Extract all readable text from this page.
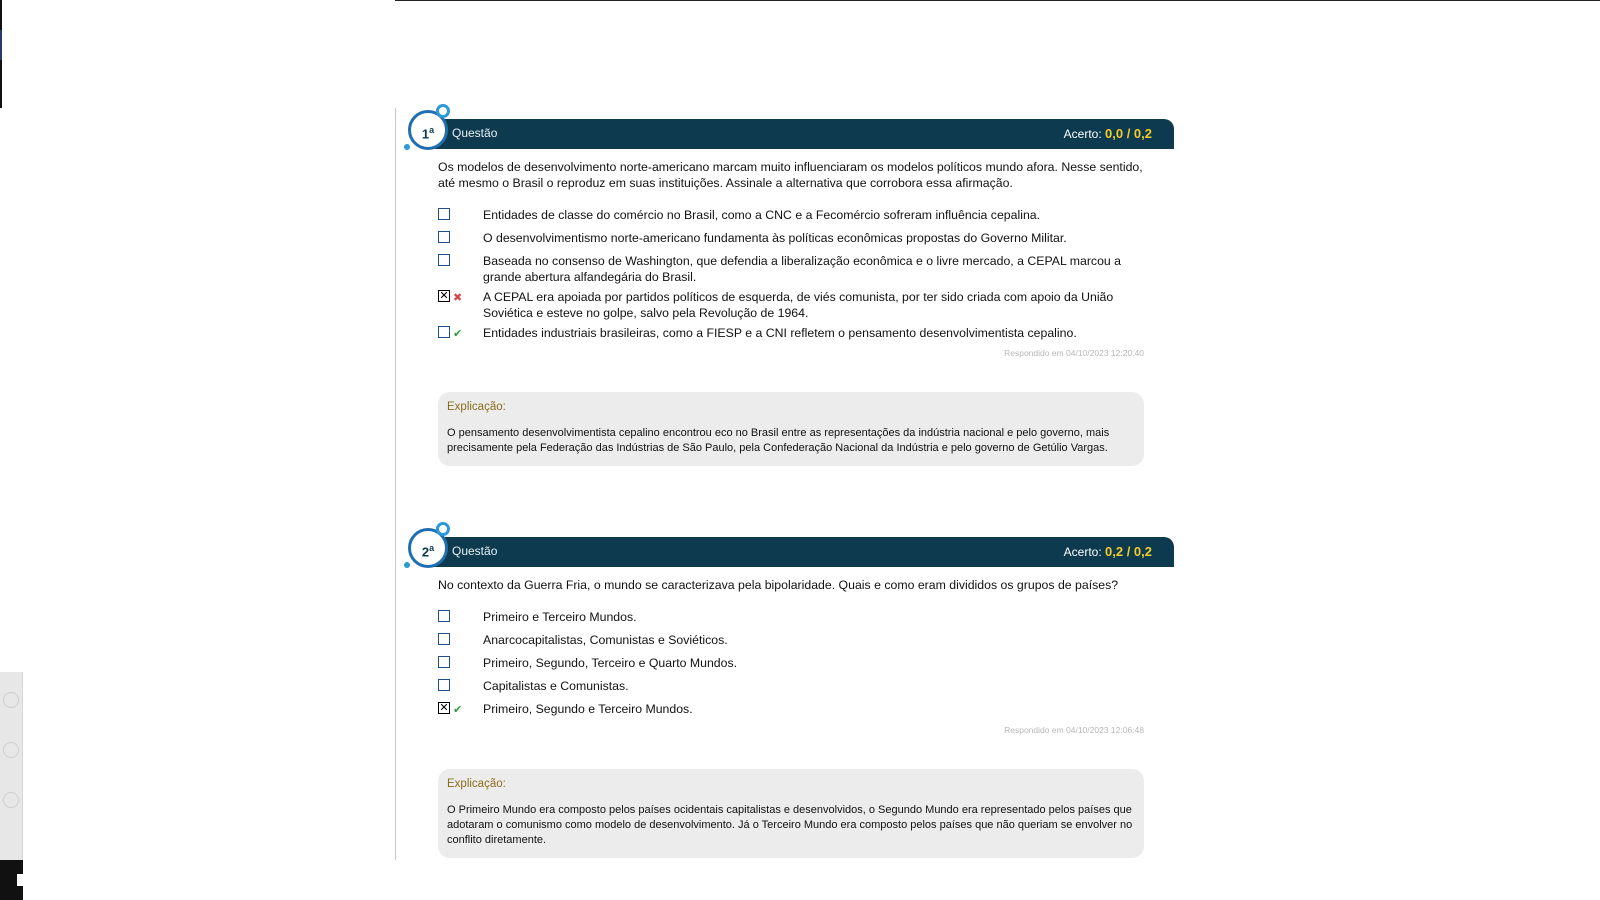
1$^a$	Questão	Acerto: 0,0 / 0,2
Os modelos de desenvolvimento norte-americano marcam muito influenciaram os modelos políticos mundo afora. Nesse sentido, até mesmo o Brasil o reproduz em suas instituições. Assinale a alternativa que corrobora essa afirmação.
Entidades de classe do comércio no Brasil, como a CNC e a Fecomércio sofreram influência cepalina.
O desenvolvimentismo norte-americano fundamenta às políticas econômicas propostas do Governo Militar.
Baseada no consenso de Washington, que defendia a liberalização econômica e o livre mercado, a CEPAL marcou a grande abertura alfandegária do Brasil.
✕ ✖ A CEPAL era apoiada por partidos políticos de esquerda, de viés comunista, por ter sido criada com apoio da União Soviética e esteve no golpe, salvo pela Revolução de 1964.
✔ Entidades industriais brasileiras, como a FIESP e a CNI refletem o pensamento desenvolvimentista cepalino.
Respondido em 04/10/2023 12:20:40
Explicação:
O pensamento desenvolvimentista cepalino encontrou eco no Brasil entre as representações da indústria nacional e pelo governo, mais precisamente pela Federação das Indústrias de São Paulo, pela Confederação Nacional da Indústria e pelo governo de Getúlio Vargas.
2$^a$	Questão	Acerto: 0,2 / 0,2
No contexto da Guerra Fria, o mundo se caracterizava pela bipolaridade. Quais e como eram divididos os grupos de países?
Primeiro e Terceiro Mundos.
Anarcocapitalistas, Comunistas e Soviéticos.
Primeiro, Segundo, Terceiro e Quarto Mundos.
Capitalistas e Comunistas.
✕ ✔ Primeiro, Segundo e Terceiro Mundos.
Respondido em 04/10/2023 12:06:48
Explicação:
O Primeiro Mundo era composto pelos países ocidentais capitalistas e desenvolvidos, o Segundo Mundo era representado pelos países que adotaram o comunismo como modelo de desenvolvimento. Já o Terceiro Mundo era composto pelos países que não queriam se envolver no conflito diretamente.
